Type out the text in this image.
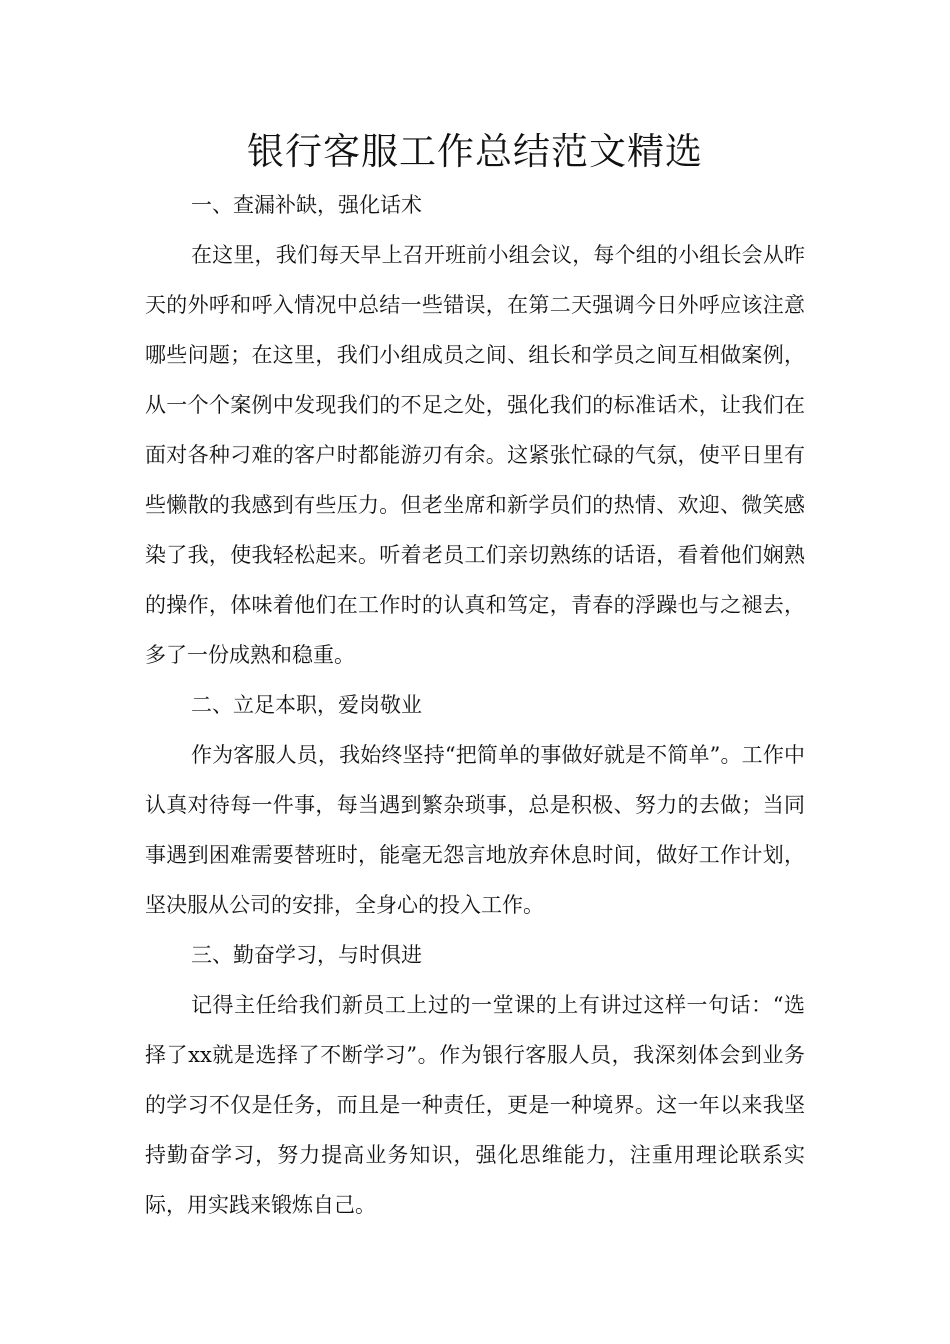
银行客服工作总结范文精选
一、查漏补缺，强化话术

在这里，我们每天早上召开班前小组会议，每个组的小组长会从昨天的外呼和呼入情况中总结一些错误，在第二天强调今日外呼应该注意哪些问题；在这里，我们小组成员之间、组长和学员之间互相做案例，从一个个案例中发现我们的不足之处，强化我们的标准话术，让我们在面对各种刁难的客户时都能游刃有余。这紧张忙碌的气氛，使平日里有些懒散的我感到有些压力。但老坐席和新学员们的热情、欢迎、微笑感染了我，使我轻松起来。听着老员工们亲切熟练的话语，看着他们娴熟的操作，体味着他们在工作时的认真和笃定，青春的浮躁也与之褪去，多了一份成熟和稳重。

二、立足本职，爱岗敬业

作为客服人员，我始终坚持“把简单的事做好就是不简单”。工作中认真对待每一件事，每当遇到繁杂琐事，总是积极、努力的去做；当同事遇到困难需要替班时，能毫无怨言地放弃休息时间，做好工作计划，坚决服从公司的安排，全身心的投入工作。

三、勤奋学习，与时俱进

记得主任给我们新员工上过的一堂课的上有讲过这样一句话：“选择了xx就是选择了不断学习”。作为银行客服人员，我深刻体会到业务的学习不仅是任务，而且是一种责任，更是一种境界。这一年以来我坚持勤奋学习，努力提高业务知识，强化思维能力，注重用理论联系实际，用实践来锻炼自己。
